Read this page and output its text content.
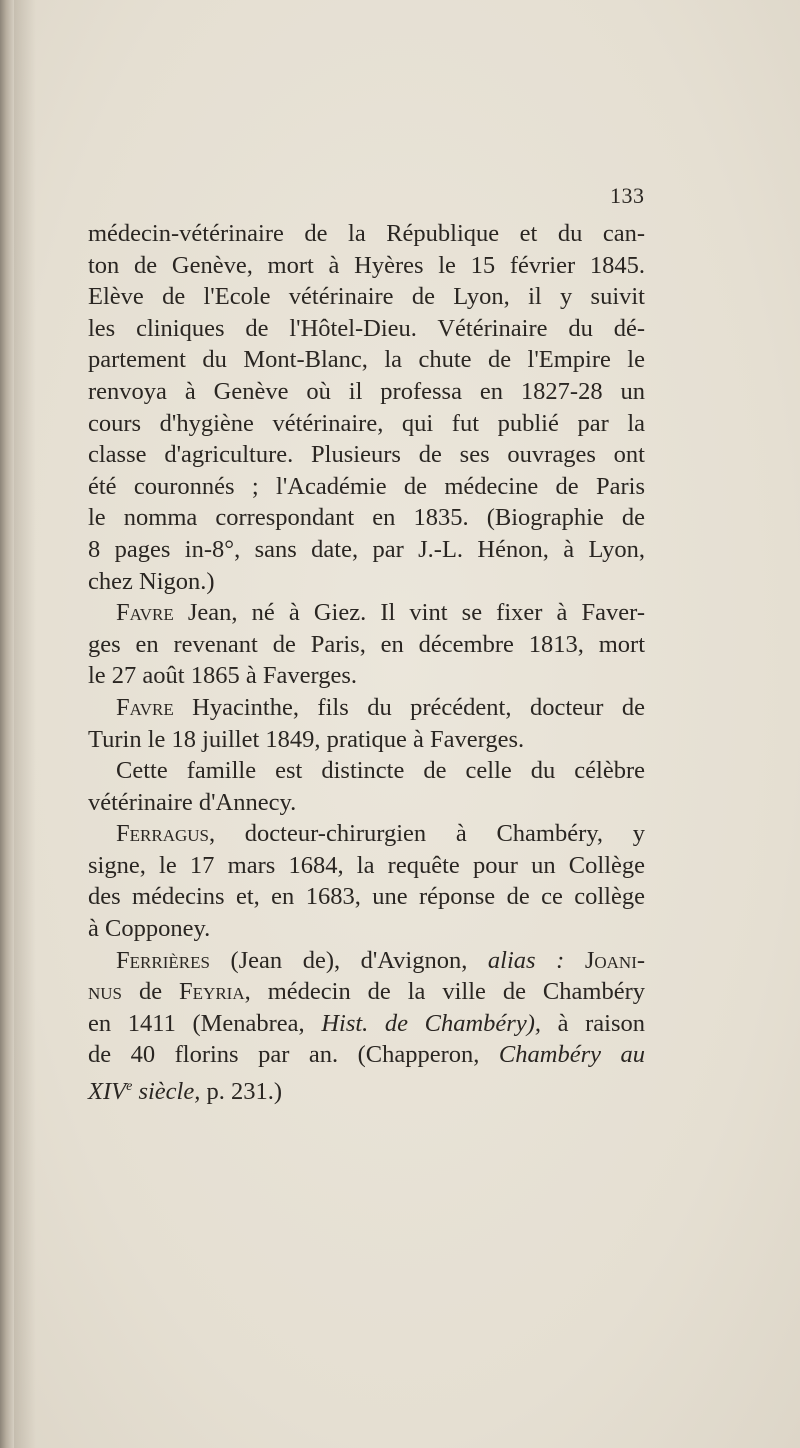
133

médecin-vétérinaire de la République et du can-
ton de Genève, mort à Hyères le 15 février 1845.
Elève de l'Ecole vétérinaire de Lyon, il y suivit
les cliniques de l'Hôtel-Dieu. Vétérinaire du dé-
partement du Mont-Blanc, la chute de l'Empire le
renvoya à Genève où il professa en 1827-28 un
cours d'hygiène vétérinaire, qui fut publié par la
classe d'agriculture. Plusieurs de ses ouvrages ont
été couronnés ; l'Académie de médecine de Paris
le nomma correspondant en 1835. (Biographie de
8 pages in-8°, sans date, par J.-L. Hénon, à Lyon,
chez Nigon.)

Favre Jean, né à Giez. Il vint se fixer à Faver-
ges en revenant de Paris, en décembre 1813, mort
le 27 août 1865 à Faverges.

Favre Hyacinthe, fils du précédent, docteur de
Turin le 18 juillet 1849, pratique à Faverges.

Cette famille est distincte de celle du célèbre
vétérinaire d'Annecy.

Ferragus, docteur-chirurgien à Chambéry, y
signe, le 17 mars 1684, la requête pour un Collège
des médecins et, en 1683, une réponse de ce collège
à Copponey.

Ferrières (Jean de), d'Avignon, alias : Joani-
nus de Feyria, médecin de la ville de Chambéry
en 1411 (Menabrea, Hist. de Chambéry), à raison
de 40 florins par an. (Chapperon, Chambéry au
XIVe siècle, p. 231.)
